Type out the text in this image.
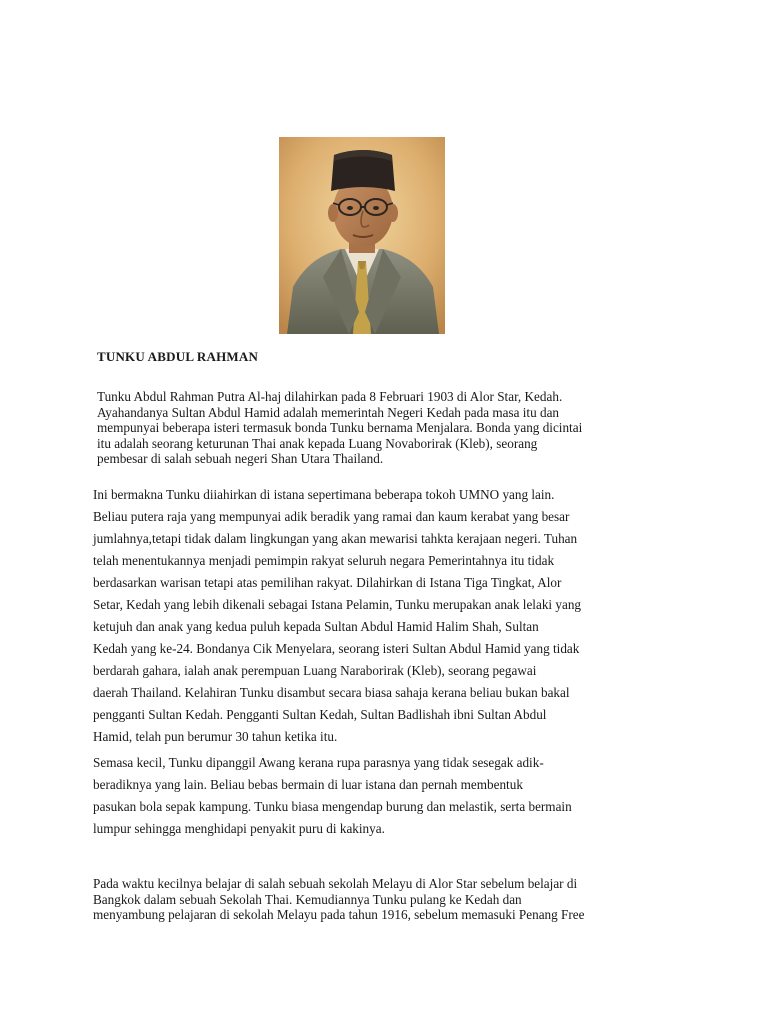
TUNKU ABDUL RAHMAN

Tunku Abdul Rahman Putra Al-haj dilahirkan pada 8 Februari 1903 di Alor Star, Kedah.
Ayahandanya Sultan Abdul Hamid adalah memerintah Negeri Kedah pada masa itu dan
mempunyai beberapa isteri termasuk bonda Tunku bernama Menjalara. Bonda yang dicintai
itu adalah seorang keturunan Thai anak kepada Luang Novaborirak (Kleb), seorang
pembesar di salah sebuah negeri Shan Utara Thailand.

Ini bermakna Tunku diiahirkan di istana sepertimana beberapa tokoh UMNO yang lain.
Beliau putera raja yang mempunyai adik beradik yang ramai dan kaum kerabat yang besar
jumlahnya,tetapi tidak dalam lingkungan yang akan mewarisi tahkta kerajaan negeri. Tuhan
telah menentukannya menjadi pemimpin rakyat seluruh negara Pemerintahnya itu tidak
berdasarkan warisan tetapi atas pemilihan rakyat. Dilahirkan di Istana Tiga Tingkat, Alor
Setar, Kedah yang lebih dikenali sebagai Istana Pelamin, Tunku merupakan anak lelaki yang
ketujuh dan anak yang kedua puluh kepada Sultan Abdul Hamid Halim Shah, Sultan
Kedah yang ke-24. Bondanya Cik Menyelara, seorang isteri Sultan Abdul Hamid yang tidak
berdarah gahara, ialah anak perempuan Luang Naraborirak (Kleb), seorang pegawai
daerah Thailand. Kelahiran Tunku disambut secara biasa sahaja kerana beliau bukan bakal
pengganti Sultan Kedah. Pengganti Sultan Kedah, Sultan Badlishah ibni Sultan Abdul
Hamid, telah pun berumur 30 tahun ketika itu.

Semasa kecil, Tunku dipanggil Awang kerana rupa parasnya yang tidak sesegak adik-
beradiknya yang lain. Beliau bebas bermain di luar istana dan pernah membentuk
pasukan bola sepak kampung. Tunku biasa mengendap burung dan melastik, serta bermain
lumpur sehingga menghidapi penyakit puru di kakinya.

Pada waktu kecilnya belajar di salah sebuah sekolah Melayu di Alor Star sebelum belajar di
Bangkok dalam sebuah Sekolah Thai. Kemudiannya Tunku pulang ke Kedah dan
menyambung pelajaran di sekolah Melayu pada tahun 1916, sebelum memasuki Penang Free
